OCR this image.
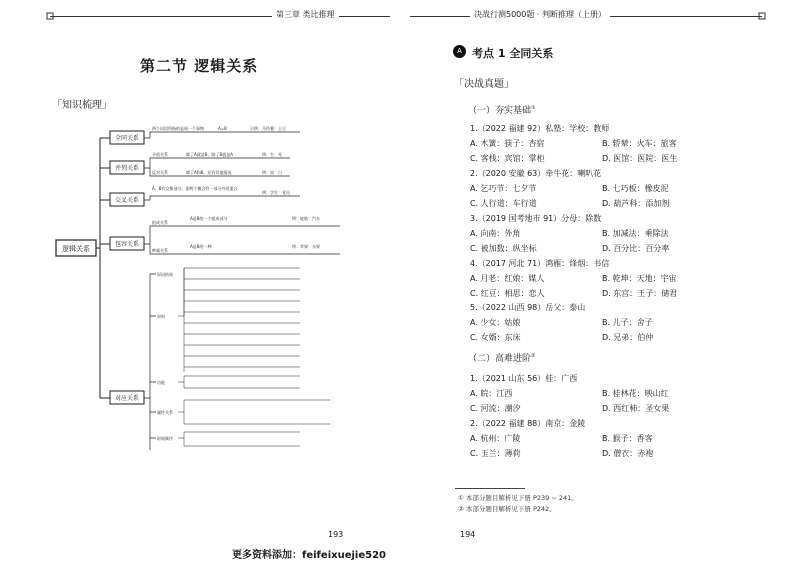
第三章 类比推理	决战行测5000题 · 判断推理（上册）
第二节 逻辑关系
「知识梳理」
逻辑关系
全同关系
并列关系
交叉关系
包容关系
对应关系
两个词语所指的是同一个事物	A=B	示例：马铃薯：土豆
矛盾关系	除了A就是B，除了B就是A	例：生：死
反对关系	除了A和B，还有其他情况	例：黑：白
A、B有交集部分，即两个概念有一部分外延重合
例：学生：党员
组成关系
A是B的一个组成部分	例：轮胎：汽车
种属关系
A是B的一种	例：苹果：水果
材料
功能
属性关系
时间顺序
原因结果
193
更多资料添加：feifeixuejie520
A 考点 1 全同关系
「决战真题」
（一）夯实基础①
1.（2022 福建 92）私塾：学校：教师
A. 木簧：筷子：杏宿	B. 轿辇：火车：旅客
C. 客栈：宾馆：掌柜	D. 医馆：医院：医生
2.（2020 安徽 63）牵牛花：喇叭花
A. 乞巧节：七夕节	B. 七巧板：橡皮泥
C. 人行道：车行道	D. 葫芦科：添加剂
3.（2019 国考地市 91）分母：除数
A. 向南：外角	B. 加减法：乘除法
C. 被加数：纵坐标	D. 百分比：百分率
4.（2017 河北 71）鸿雁：烽烟：书信
A. 月老：红娘：媒人	B. 乾坤：天地：宇宙
C. 红豆：相思：恋人	D. 东宫：王子：储君
5.（2022 山西 98）岳父：泰山
A. 少女：姑娘	B. 儿子：舍子
C. 女婿：东床	D. 兄弟：伯仲
（二）高难进阶②
1.（2021 山东 56）桂：广西
A. 皖：江西	B. 桂林花：映山红
C. 河流：潮汐	D. 西红柿：圣女果
2.（2022 福建 88）南京：金陵
A. 杭州：广陵	B. 猴子：香客
C. 玉兰：薄荷	D. 僧衣：赤袍
① 本部分题目解析见下册 P239 ~ 241。
② 本部分题目解析见下册 P242。
194
